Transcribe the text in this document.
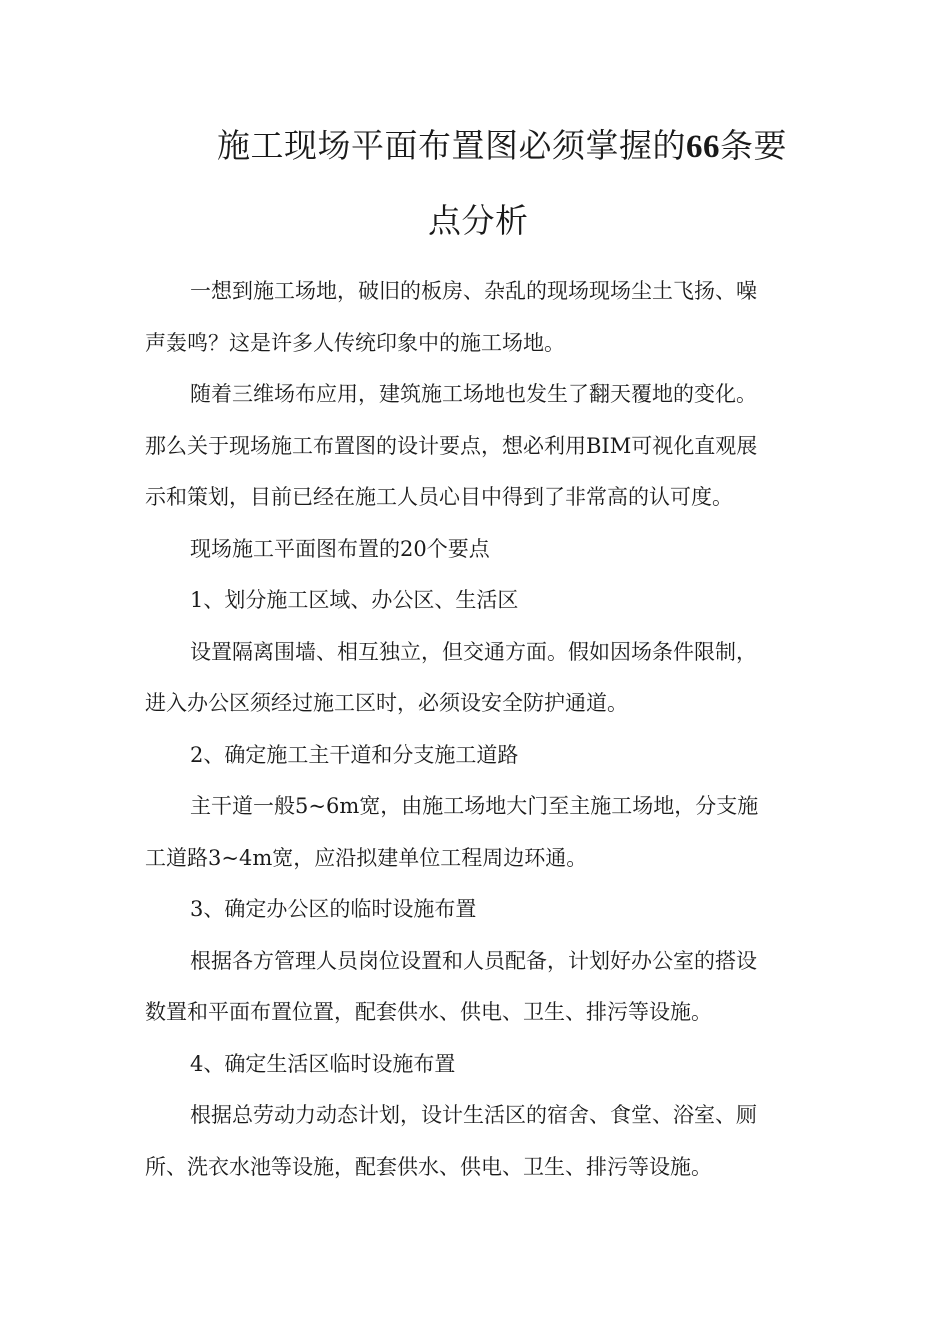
施工现场平面布置图必须掌握的66条要
点分析
一想到施工场地，破旧的板房、杂乱的现场现场尘土飞扬、噪
声轰鸣？这是许多人传统印象中的施工场地。
随着三维场布应用，建筑施工场地也发生了翻天覆地的变化。
那么关于现场施工布置图的设计要点，想必利用BIM可视化直观展
示和策划，目前已经在施工人员心目中得到了非常高的认可度。
现场施工平面图布置的20个要点
1、划分施工区域、办公区、生活区
设置隔离围墙、相互独立，但交通方面。假如因场条件限制，
进入办公区须经过施工区时，必须设安全防护通道。
2、确定施工主干道和分支施工道路
主干道一般5~6m宽，由施工场地大门至主施工场地，分支施
工道路3~4m宽，应沿拟建单位工程周边环通。
3、确定办公区的临时设施布置
根据各方管理人员岗位设置和人员配备，计划好办公室的搭设
数置和平面布置位置，配套供水、供电、卫生、排污等设施。
4、确定生活区临时设施布置
根据总劳动力动态计划，设计生活区的宿舍、食堂、浴室、厕
所、洗衣水池等设施，配套供水、供电、卫生、排污等设施。
